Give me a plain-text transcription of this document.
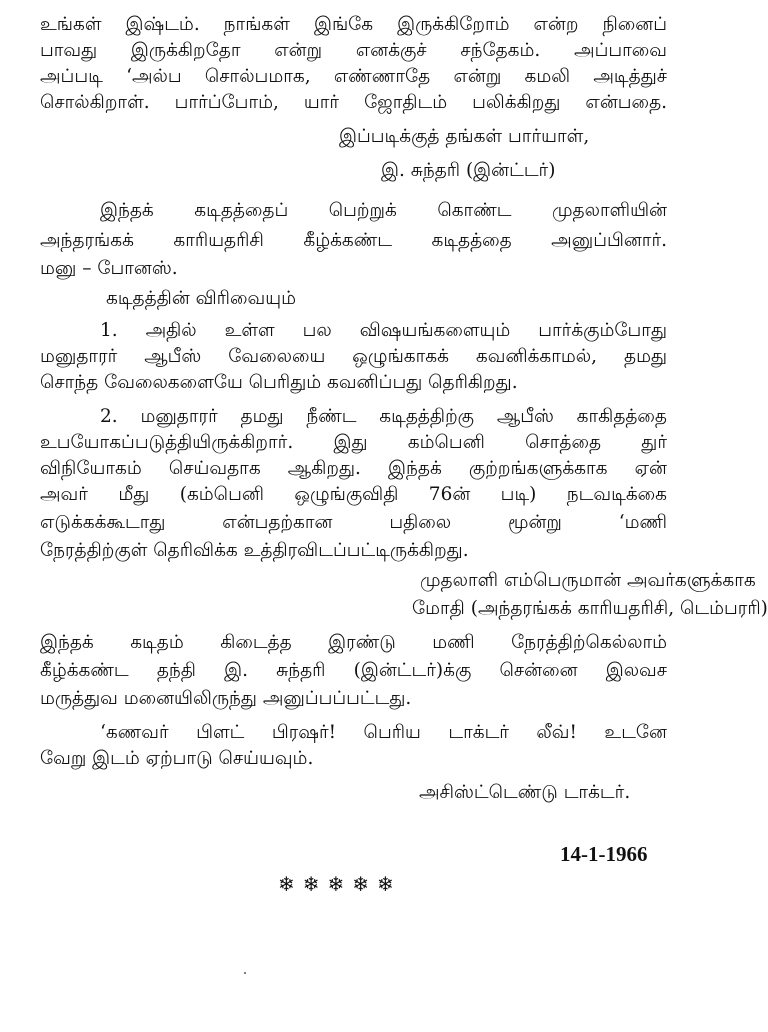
உங்கள் இஷ்டம். நாங்கள் இங்கே இருக்கிறோம் என்ற நினைப்
பாவது இருக்கிறதோ என்று எனக்குச் சந்தேகம். அப்பாவை
அப்படி ‘அல்ப சொல்பமாக, எண்ணாதே என்று கமலி அடித்துச்
சொல்கிறாள். பார்ப்போம், யார் ஜோதிடம் பலிக்கிறது என்பதை.
இப்படிக்குத் தங்கள் பார்யாள்,
இ. சுந்தரி (இன்ட்டர்)
இந்தக் கடிதத்தைப் பெற்றுக் கொண்ட முதலாளியின்
அந்தரங்கக் காரியதரிசி கீழ்க்கண்ட கடிதத்தை அனுப்பினார்.
மனு – போனஸ்.
கடிதத்தின் விரிவையும்
1. அதில் உள்ள பல விஷயங்களையும் பார்க்கும்போது
மனுதாரர் ஆபீஸ் வேலையை ஒழுங்காகக் கவனிக்காமல், தமது
சொந்த வேலைகளையே பெரிதும் கவனிப்பது தெரிகிறது.
2. மனுதாரர் தமது நீண்ட கடிதத்திற்கு ஆபீஸ் காகிதத்தை
உபயோகப்படுத்தியிருக்கிறார். இது கம்பெனி சொத்தை துர்
விநியோகம் செய்வதாக ஆகிறது. இந்தக் குற்றங்களுக்காக ஏன்
அவர் மீது (கம்பெனி ஒழுங்குவிதி 76ன் படி) நடவடிக்கை
எடுக்கக்கூடாது என்பதற்கான பதிலை மூன்று ‘மணி
நேரத்திற்குள் தெரிவிக்க உத்திரவிடப்பட்டிருக்கிறது.
முதலாளி எம்பெருமான் அவர்களுக்காக
மோதி (அந்தரங்கக் காரியதரிசி, டெம்பரரி)
இந்தக் கடிதம் கிடைத்த இரண்டு மணி நேரத்திற்கெல்லாம்
கீழ்க்கண்ட தந்தி இ. சுந்தரி (இன்ட்டர்)க்கு சென்னை இலவச
மருத்துவ மனையிலிருந்து அனுப்பப்பட்டது.
‘கணவர் பிளட் பிரஷர்! பெரிய டாக்டர் லீவ்! உடனே
வேறு இடம் ஏற்பாடு செய்யவும்.
அசிஸ்ட்டெண்டு டாக்டர்.
14-1-1966
❄❄❄❄❄
